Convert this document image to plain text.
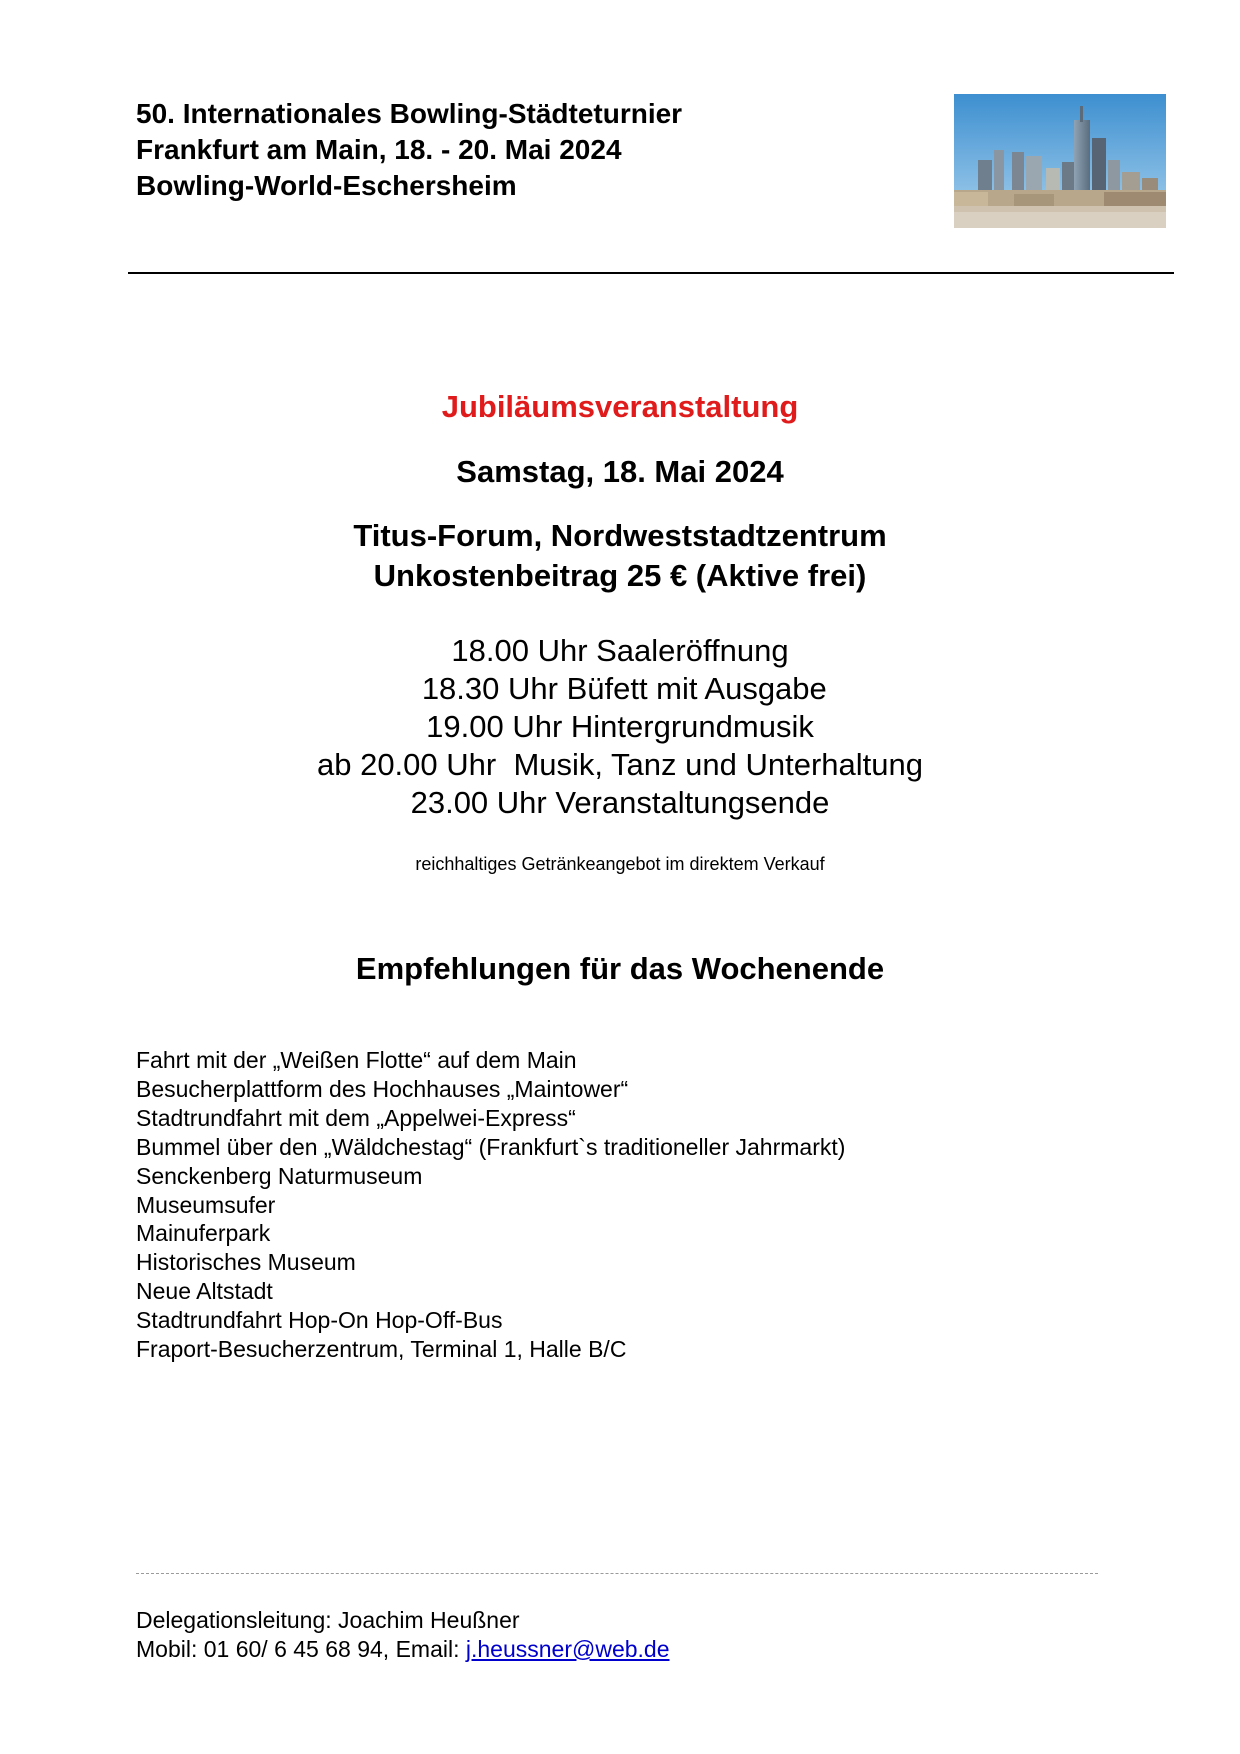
50. Internationales Bowling-Städteturnier
Frankfurt am Main, 18. - 20. Mai 2024
Bowling-World-Eschersheim
Jubiläumsveranstaltung
Samstag, 18. Mai 2024
Titus-Forum, Nordweststadtzentrum
Unkostenbeitrag 25 € (Aktive frei)
18.00 Uhr Saaleröffnung
18.30 Uhr Büfett mit Ausgabe
19.00 Uhr Hintergrundmusik
ab 20.00 Uhr  Musik, Tanz und Unterhaltung
23.00 Uhr Veranstaltungsende
reichhaltiges Getränkeangebot im direktem Verkauf
Empfehlungen für das Wochenende
Fahrt mit der „Weißen Flotte“ auf dem Main
Besucherplattform des Hochhauses „Maintower“
Stadtrundfahrt mit dem „Appelwei-Express“
Bummel über den „Wäldchestag“ (Frankfurt`s traditioneller Jahrmarkt)
Senckenberg Naturmuseum
Museumsufer
Mainuferpark
Historisches Museum
Neue Altstadt
Stadtrundfahrt Hop-On Hop-Off-Bus
Fraport-Besucherzentrum, Terminal 1, Halle B/C
Delegationsleitung: Joachim Heußner
Mobil: 01 60/ 6 45 68 94, Email: j.heussner@web.de
